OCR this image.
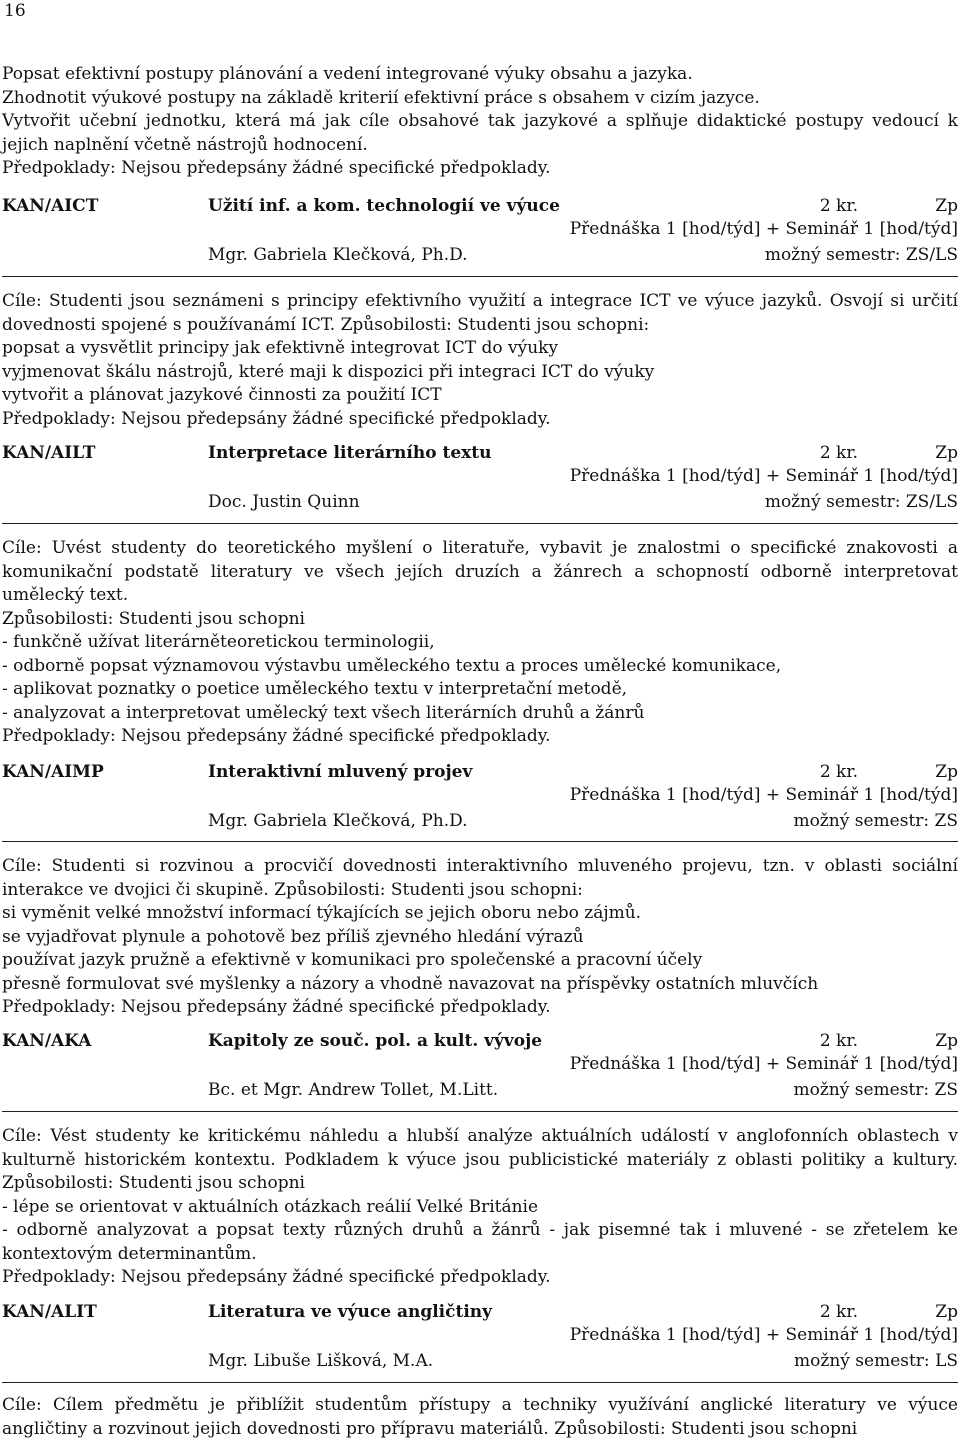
16
Popsat efektivní postupy plánování a vedení integrované výuky obsahu a jazyka.
Zhodnotit výukové postupy na základě kriterií efektivní práce s obsahem v cizím jazyce.
Vytvořit učební jednotku, která má jak cíle obsahové tak jazykové a splňuje didaktické postupy vedoucí k jejich naplnění včetně nástrojů hodnocení.
Předpoklady: Nejsou předepsány žádné specifické předpoklady.
KAN/AICT	Užití inf. a kom. technologií ve výuce	2 kr.	Zp
Přednáška 1 [hod/týd] + Seminář 1 [hod/týd]
Mgr. Gabriela Klečková, Ph.D.	možný semestr: ZS/LS
Cíle: Studenti jsou seznámeni s principy efektivního využití a integrace ICT ve výuce jazyků. Osvojí si určití dovednosti spojené s používanámí ICT. Způsobilosti: Studenti jsou schopni:
popsat a vysvětlit principy jak efektivně integrovat ICT do výuky
vyjmenovat škálu nástrojů, které maji k dispozici při integraci ICT do výuky
vytvořit a plánovat jazykové činnosti za použití ICT
Předpoklady: Nejsou předepsány žádné specifické předpoklady.
KAN/AILT	Interpretace literárního textu	2 kr.	Zp
Přednáška 1 [hod/týd] + Seminář 1 [hod/týd]
Doc. Justin Quinn	možný semestr: ZS/LS
Cíle: Uvést studenty do teoretického myšlení o literatuře, vybavit je znalostmi o specifické znakovosti a komunikační podstatě literatury ve všech jejích druzích a žánrech a schopností odborně interpretovat umělecký text.
Způsobilosti: Studenti jsou schopni
- funkčně užívat literárněteoretickou terminologii,
- odborně popsat významovou výstavbu uměleckého textu a proces umělecké komunikace,
- aplikovat poznatky o poetice uměleckého textu v interpretační metodě,
- analyzovat a interpretovat umělecký text všech literárních druhů a žánrů
Předpoklady: Nejsou předepsány žádné specifické předpoklady.
KAN/AIMP	Interaktivní mluvený projev	2 kr.	Zp
Přednáška 1 [hod/týd] + Seminář 1 [hod/týd]
Mgr. Gabriela Klečková, Ph.D.	možný semestr: ZS
Cíle: Studenti si rozvinou a procvičí dovednosti interaktivního mluveného projevu, tzn. v oblasti sociální interakce ve dvojici či skupině. Způsobilosti: Studenti jsou schopni:
si vyměnit velké množství informací týkajících se jejich oboru nebo zájmů.
se vyjadřovat plynule a pohotově bez příliš zjevného hledání výrazů
používat jazyk pružně a efektivně v komunikaci pro společenské a pracovní účely
přesně formulovat své myšlenky a názory a vhodně navazovat na příspěvky ostatních mluvčích
Předpoklady: Nejsou předepsány žádné specifické předpoklady.
KAN/AKA	Kapitoly ze souč. pol. a kult. vývoje	2 kr.	Zp
Přednáška 1 [hod/týd] + Seminář 1 [hod/týd]
Bc. et Mgr. Andrew Tollet, M.Litt.	možný semestr: ZS
Cíle: Vést studenty ke kritickému náhledu a hlubší analýze aktuálních událostí v anglofonních oblastech v kulturně historickém kontextu. Podkladem k výuce jsou publicistické materiály z oblasti politiky a kultury. Způsobilosti: Studenti jsou schopni
- lépe se orientovat v aktuálních otázkach reálií Velké Británie
- odborně analyzovat a popsat texty různých druhů a žánrů - jak pisemné tak i mluvené - se zřetelem ke kontextovým determinantům.
Předpoklady: Nejsou předepsány žádné specifické předpoklady.
KAN/ALIT	Literatura ve výuce angličtiny	2 kr.	Zp
Přednáška 1 [hod/týd] + Seminář 1 [hod/týd]
Mgr. Libuše Lišková, M.A.	možný semestr: LS
Cíle: Cílem předmětu je přiblížit studentům přístupy a techniky využívání anglické literatury ve výuce angličtiny a rozvinout jejich dovednosti pro přípravu materiálů. Způsobilosti: Studenti jsou schopni
